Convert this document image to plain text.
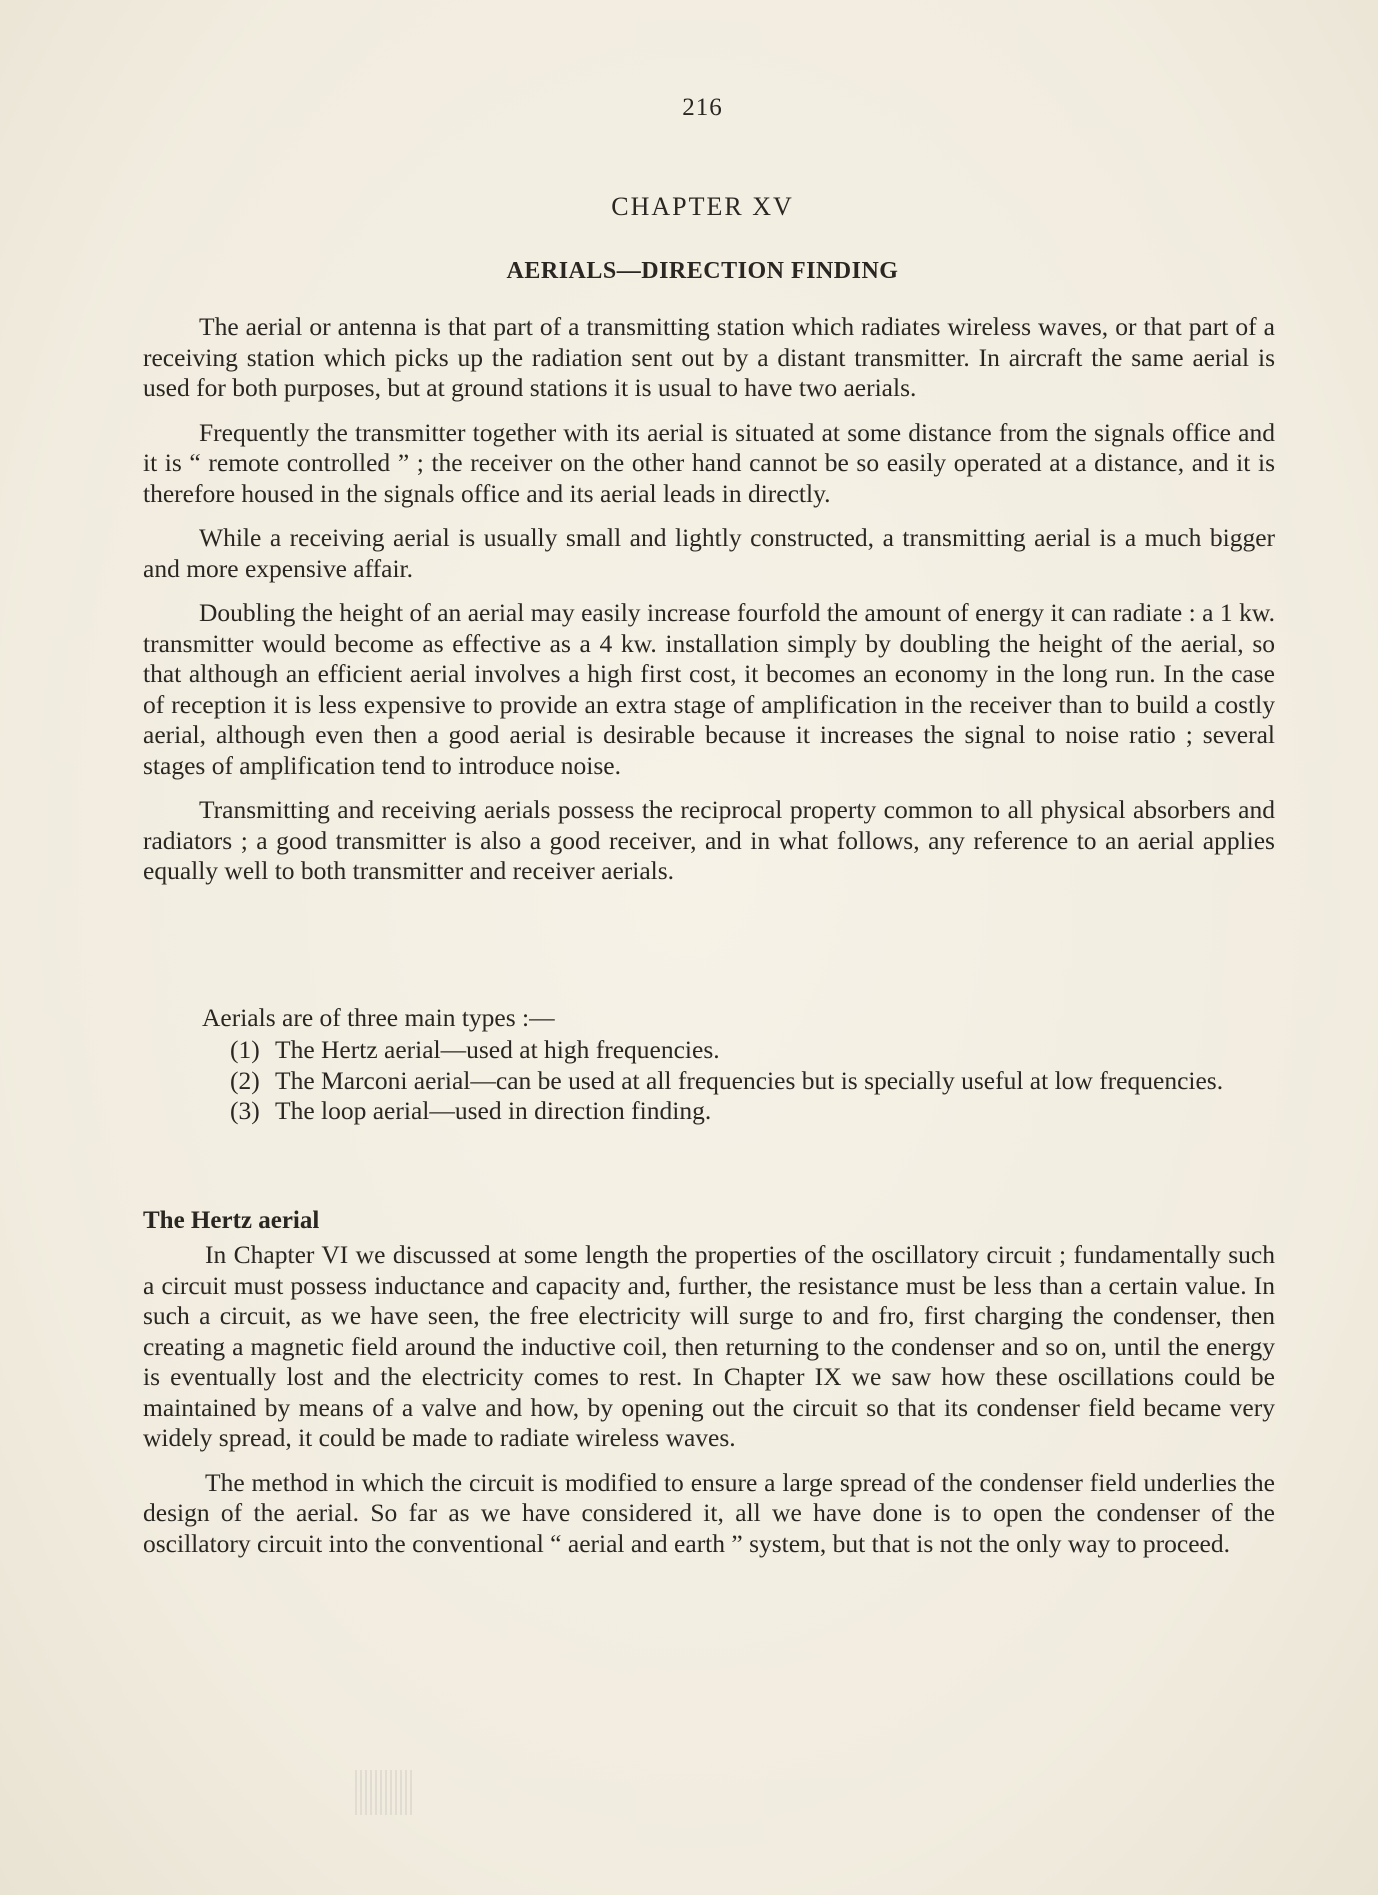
216
CHAPTER XV
AERIALS—DIRECTION FINDING

The aerial or antenna is that part of a transmitting station which radiates wireless waves, or that part of a receiving station which picks up the radiation sent out by a distant transmitter. In aircraft the same aerial is used for both purposes, but at ground stations it is usual to have two aerials.

Frequently the transmitter together with its aerial is situated at some distance from the signals office and it is “ remote controlled ” ; the receiver on the other hand cannot be so easily operated at a distance, and it is therefore housed in the signals office and its aerial leads in directly.

While a receiving aerial is usually small and lightly constructed, a transmitting aerial is a much bigger and more expensive affair.

Doubling the height of an aerial may easily increase fourfold the amount of energy it can radiate : a 1 kw. transmitter would become as effective as a 4 kw. installation simply by doubling the height of the aerial, so that although an efficient aerial involves a high first cost, it becomes an economy in the long run. In the case of reception it is less expensive to provide an extra stage of amplification in the receiver than to build a costly aerial, although even then a good aerial is desirable because it increases the signal to noise ratio ; several stages of amplification tend to introduce noise.

Transmitting and receiving aerials possess the reciprocal property common to all physical absorbers and radiators ; a good transmitter is also a good receiver, and in what follows, any reference to an aerial applies equally well to both transmitter and receiver aerials.

Aerials are of three main types :—
(1) The Hertz aerial—used at high frequencies.
(2) The Marconi aerial—can be used at all frequencies but is specially useful at low frequencies.
(3) The loop aerial—used in direction finding.
The Hertz aerial

In Chapter VI we discussed at some length the properties of the oscillatory circuit ; fundamentally such a circuit must possess inductance and capacity and, further, the resistance must be less than a certain value. In such a circuit, as we have seen, the free electricity will surge to and fro, first charging the condenser, then creating a magnetic field around the inductive coil, then returning to the condenser and so on, until the energy is eventually lost and the electricity comes to rest. In Chapter IX we saw how these oscillations could be maintained by means of a valve and how, by opening out the circuit so that its condenser field became very widely spread, it could be made to radiate wireless waves.

The method in which the circuit is modified to ensure a large spread of the condenser field underlies the design of the aerial. So far as we have considered it, all we have done is to open the condenser of the oscillatory circuit into the conventional “ aerial and earth ” system, but that is not the only way to proceed.
